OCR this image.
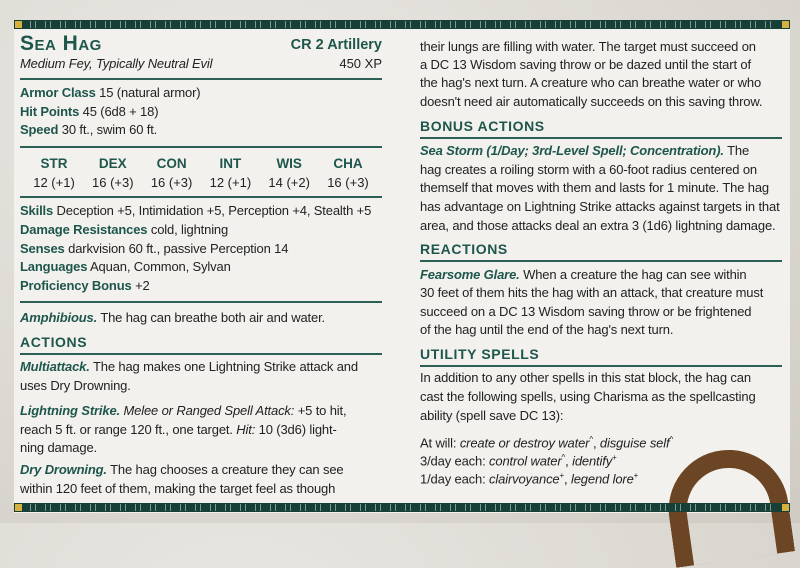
Sea Hag	CR 2 Artillery
Medium Fey, Typically Neutral Evil	450 XP
Armor Class 15 (natural armor)
Hit Points 45 (6d8 + 18)
Speed 30 ft., swim 60 ft.
STR
12 (+1)
DEX
16 (+3)
CON
16 (+3)
INT
12 (+1)
WIS
14 (+2)
CHA
16 (+3)
Skills Deception +5, Intimidation +5, Perception +4, Stealth +5
Damage Resistances cold, lightning
Senses darkvision 60 ft., passive Perception 14
Languages Aquan, Common, Sylvan
Proficiency Bonus +2
Amphibious. The hag can breathe both air and water.
ACTIONS
Multiattack. The hag makes one Lightning Strike attack and
uses Dry Drowning.
Lightning Strike. Melee or Ranged Spell Attack: +5 to hit,
reach 5 ft. or range 120 ft., one target. Hit: 10 (3d6) light-
ning damage.
Dry Drowning. The hag chooses a creature they can see
within 120 feet of them, making the target feel as though
their lungs are filling with water. The target must succeed on
a DC 13 Wisdom saving throw or be dazed until the start of
the hag's next turn. A creature who can breathe water or who
doesn't need air automatically succeeds on this saving throw.
BONUS ACTIONS
Sea Storm (1/Day; 3rd-Level Spell; Concentration). The
hag creates a roiling storm with a 60-foot radius centered on
themself that moves with them and lasts for 1 minute. The hag
has advantage on Lightning Strike attacks against targets in that
area, and those attacks deal an extra 3 (1d6) lightning damage.
REACTIONS
Fearsome Glare. When a creature the hag can see within
30 feet of them hits the hag with an attack, that creature must
succeed on a DC 13 Wisdom saving throw or be frightened
of the hag until the end of the hag's next turn.
UTILITY SPELLS
In addition to any other spells in this stat block, the hag can
cast the following spells, using Charisma as the spellcasting
ability (spell save DC 13):
At will: create or destroy water^, disguise self^
3/day each: control water^, identify+
1/day each: clairvoyance+, legend lore+
